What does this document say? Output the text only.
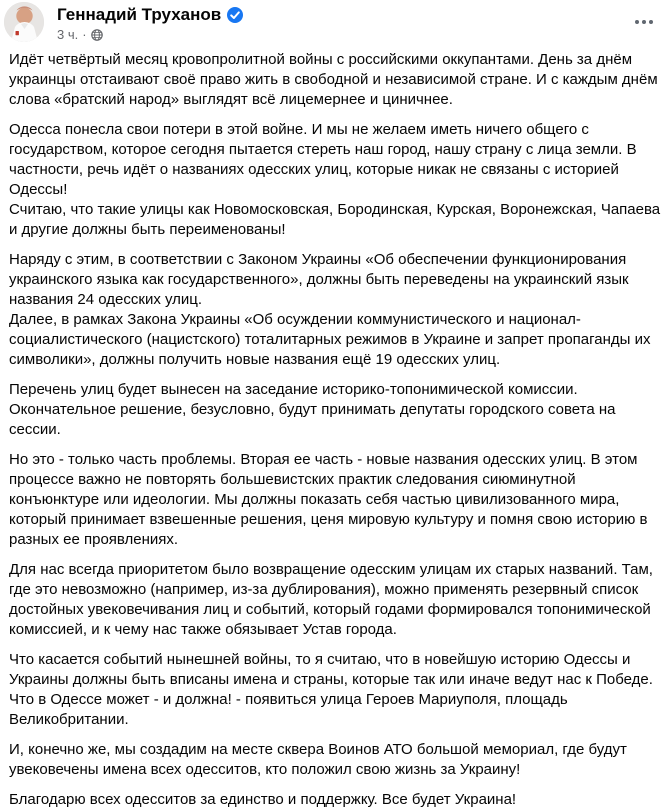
Геннадий Труханов
3 ч. ·

Идёт четвёртый месяц кровопролитной войны с российскими оккупантами. День за днём украинцы отстаивают своё право жить в свободной и независимой стране. И с каждым днём слова «братский народ» выглядят всё лицемернее и циничнее.

Одесса понесла свои потери в этой войне. И мы не желаем иметь ничего общего с государством, которое сегодня пытается стереть наш город, нашу страну с лица земли. В частности, речь идёт о названиях одесских улиц, которые никак не связаны с историей Одессы!
Считаю, что такие улицы как Новомосковская, Бородинская, Курская, Воронежская, Чапаева и другие должны быть переименованы!

Наряду с этим, в соответствии с Законом Украины «Об обеспечении функционирования украинского языка как государственного», должны быть переведены на украинский язык названия 24 одесских улиц.
Далее, в рамках Закона Украины «Об осуждении коммунистического и национал-социалистического (нацистского) тоталитарных режимов в Украине и запрет пропаганды их символики», должны получить новые названия ещё 19 одесских улиц.

Перечень улиц будет вынесен на заседание историко-топонимической комиссии. Окончательное решение, безусловно, будут принимать депутаты городского совета на сессии.

Но это - только часть проблемы. Вторая ее часть - новые названия одесских улиц. В этом процессе важно не повторять большевистских практик следования сиюминутной конъюнктуре или идеологии. Мы должны показать себя частью цивилизованного мира, который принимает взвешенные решения, ценя мировую культуру и помня свою историю в разных ее проявлениях.

Для нас всегда приоритетом было возвращение одесским улицам их старых названий. Там, где это невозможно (например, из-за дублирования), можно применять резервный список достойных увековечивания лиц и событий, который годами формировался топонимической комиссией, и к чему нас также обязывает Устав города.

Что касается событий нынешней войны, то я считаю, что в новейшую историю Одессы и Украины должны быть вписаны имена и страны, которые так или иначе ведут нас к Победе. Что в Одессе может - и должна! - появиться улица Героев Мариуполя, площадь Великобритании.

И, конечно же, мы создадим на месте сквера Воинов АТО большой мемориал, где будут увековечены имена всех одесситов, кто положил свою жизнь за Украину!

Благодарю всех одесситов за единство и поддержку. Все будет Украина!
